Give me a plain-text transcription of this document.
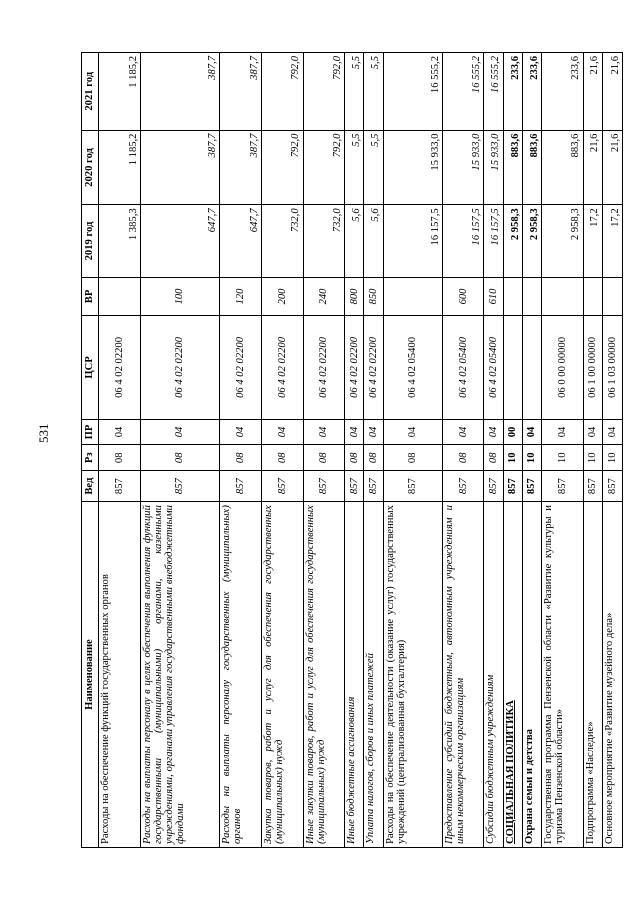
531
Наименование	Вед	Рз	ПР	ЦСР	ВР	2019 год	2020 год	2021 год
Расходы на обеспечение функций государственных органов	857	08	04	06 4 02 02200		1 385,3	1 185,2	1 185,2
Расходы на выплаты персоналу в целях обеспечения выполнения функций государственными (муниципальными) органами, казенными учреждениями, органами управления государственными внебюджетными фондами	857	08	04	06 4 02 02200	100	647,7	387,7	387,7
Расходы на выплаты персоналу государственных (муниципальных) органов	857	08	04	06 4 02 02200	120	647,7	387,7	387,7
Закупка товаров, работ и услуг для обеспечения государственных (муниципальных) нужд	857	08	04	06 4 02 02200	200	732,0	792,0	792,0
Иные закупки товаров, работ и услуг для обеспечения государственных (муниципальных) нужд	857	08	04	06 4 02 02200	240	732,0	792,0	792,0
Иные бюджетные ассигнования	857	08	04	06 4 02 02200	800	5,6	5,5	5,5
Уплата налогов, сборов и иных платежей	857	08	04	06 4 02 02200	850	5,6	5,5	5,5
Расходы на обеспечение деятельности (оказание услуг) государственных учреждений (централизованная бухгалтерия)	857	08	04	06 4 02 05400		16 157,5	15 933,0	16 555,2
Предоставление субсидий бюджетным, автономным учреждениям и иным некоммерческим организациям	857	08	04	06 4 02 05400	600	16 157,5	15 933,0	16 555,2
Субсидии бюджетным учреждениям	857	08	04	06 4 02 05400	610	16 157,5	15 933,0	16 555,2
СОЦИАЛЬНАЯ ПОЛИТИКА	857	10	00			2 958,3	883,6	233,6
Охрана семьи и детства	857	10	04			2 958,3	883,6	233,6
Государственная программа Пензенской области «Развитие культуры и туризма Пензенской области»	857	10	04	06 0 00 00000		2 958,3	883,6	233,6
Подпрограмма «Наследие»	857	10	04	06 1 00 00000		17,2	21,6	21,6
Основное мероприятие «Развитие музейного дела»	857	10	04	06 1 03 00000		17,2	21,6	21,6
